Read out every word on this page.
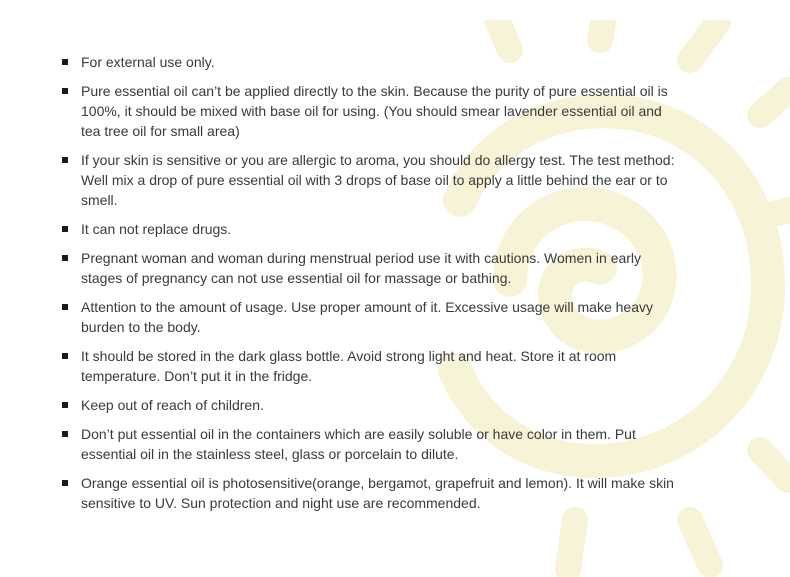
For external use only.
Pure essential oil can’t be applied directly to the skin. Because the purity of pure essential oil is 100%, it should be mixed with base oil for using. (You should smear lavender essential oil and tea tree oil for small area)
If your skin is sensitive or you are allergic to aroma, you should do allergy test. The test method: Well mix a drop of pure essential oil with 3 drops of base oil to apply a little behind the ear or to smell.
It can not replace drugs.
Pregnant woman and woman during menstrual period use it with cautions. Women in early stages of pregnancy can not use essential oil for massage or bathing.
Attention to the amount of usage. Use proper amount of it. Excessive usage will make heavy burden to the body.
It should be stored in the dark glass bottle. Avoid strong light and heat. Store it at room temperature. Don’t put it in the fridge.
Keep out of reach of children.
Don’t put essential oil in the containers which are easily soluble or have color in them. Put essential oil in the stainless steel, glass or porcelain to dilute.
Orange essential oil is photosensitive(orange, bergamot, grapefruit and lemon). It will make skin sensitive to UV. Sun protection and night use are recommended.
